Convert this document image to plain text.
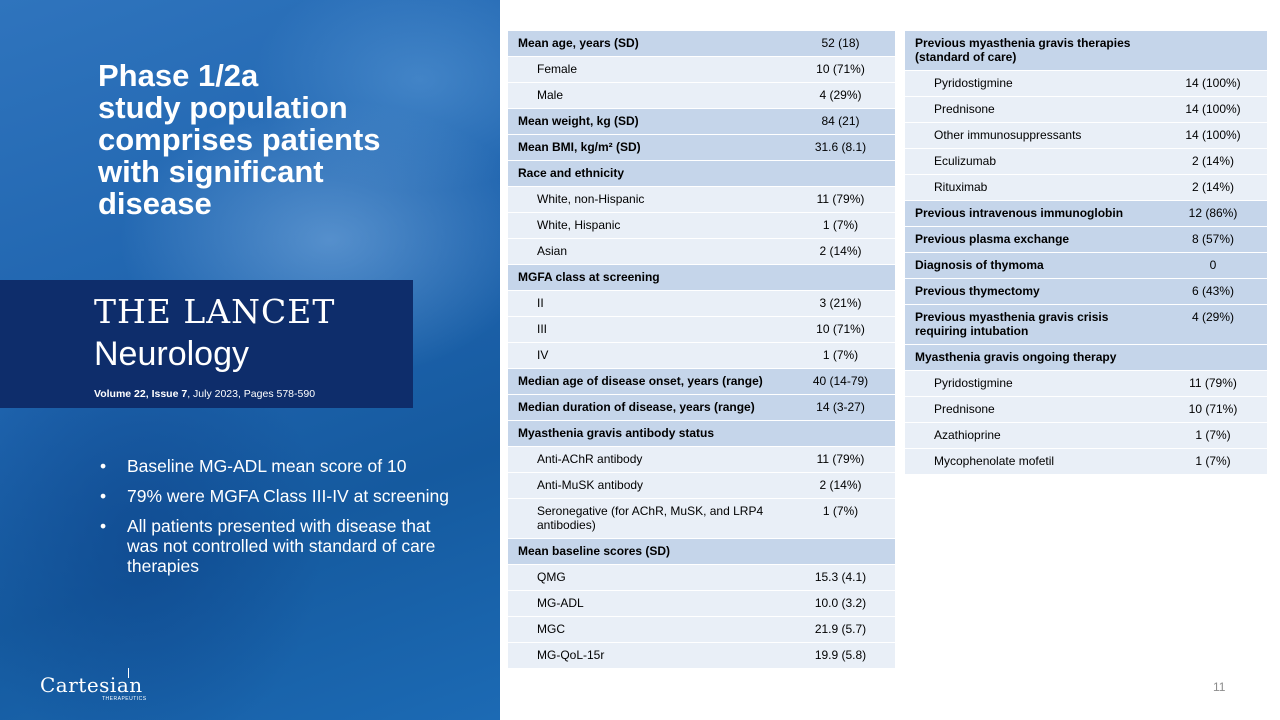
Phase 1/2a
study population
comprises patients
with significant
disease
THE LANCET
Neurology
Volume 22, Issue 7, July 2023, Pages 578-590
• Baseline MG-ADL mean score of 10
• 79% were MGFA Class III-IV at screening
• All patients presented with disease that was not controlled with standard of care therapies
Cartesian
THERAPEUTICS
Mean age, years (SD)	52 (18)
Female	10 (71%)
Male	4 (29%)
Mean weight, kg (SD)	84 (21)
Mean BMI, kg/m² (SD)	31.6 (8.1)
Race and ethnicity	
White, non-Hispanic	11 (79%)
White, Hispanic	1 (7%)
Asian	2 (14%)
MGFA class at screening	
II	3 (21%)
III	10 (71%)
IV	1 (7%)
Median age of disease onset, years (range)	40 (14-79)
Median duration of disease, years (range)	14 (3-27)
Myasthenia gravis antibody status	
Anti-AChR antibody	11 (79%)
Anti-MuSK antibody	2 (14%)
Seronegative (for AChR, MuSK, and LRP4 antibodies)	1 (7%)
Mean baseline scores (SD)	
QMG	15.3 (4.1)
MG-ADL	10.0 (3.2)
MGC	21.9 (5.7)
MG-QoL-15r	19.9 (5.8)
Previous myasthenia gravis therapies (standard of care)	
Pyridostigmine	14 (100%)
Prednisone	14 (100%)
Other immunosuppressants	14 (100%)
Eculizumab	2 (14%)
Rituximab	2 (14%)
Previous intravenous immunoglobin	12 (86%)
Previous plasma exchange	8 (57%)
Diagnosis of thymoma	0
Previous thymectomy	6 (43%)
Previous myasthenia gravis crisis requiring intubation	4 (29%)
Myasthenia gravis ongoing therapy	
Pyridostigmine	11 (79%)
Prednisone	10 (71%)
Azathioprine	1 (7%)
Mycophenolate mofetil	1 (7%)
11
